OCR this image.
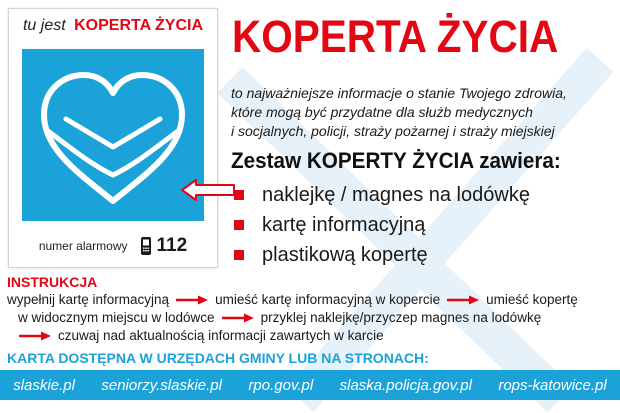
tu jest KOPERTA ŻYCIA
numer alarmowy 112
KOPERTA ŻYCIA
to najważniejsze informacje o stanie Twojego zdrowia,
które mogą być przydatne dla służb medycznych
i socjalnych, policji, straży pożarnej i straży miejskiej
Zestaw KOPERTY ŻYCIA zawiera:
naklejkę / magnes na lodówkę
kartę informacyjną
plastikową kopertę
INSTRUKCJA
wypełnij kartę informacyjną	umieść kartę informacyjną w kopercie	umieść kopertę
w widocznym miejscu w lodówce	przyklej naklejkę/przyczep magnes na lodówkę
czuwaj nad aktualnością informacji zawartych w karcie
KARTA DOSTĘPNA W URZĘDACH GMINY LUB NA STRONACH:
slaskie.pl seniorzy.slaskie.pl rpo.gov.pl slaska.policja.gov.pl rops-katowice.pl
